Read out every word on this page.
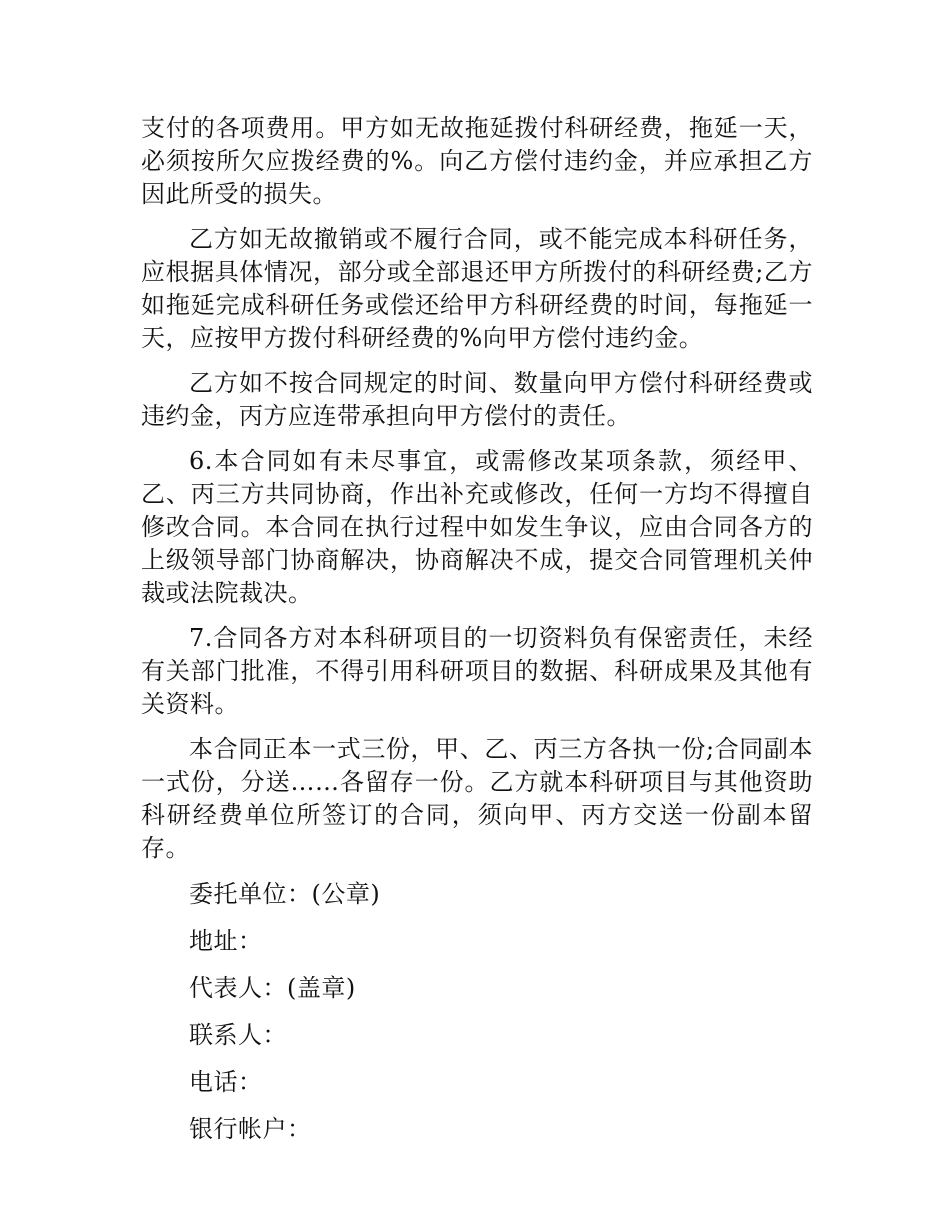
支付的各项费用。甲方如无故拖延拨付科研经费，拖延一天，必须按所欠应拨经费的%。向乙方偿付违约金，并应承担乙方因此所受的损失。

乙方如无故撤销或不履行合同，或不能完成本科研任务，应根据具体情况，部分或全部退还甲方所拨付的科研经费;乙方如拖延完成科研任务或偿还给甲方科研经费的时间，每拖延一天，应按甲方拨付科研经费的%向甲方偿付违约金。

乙方如不按合同规定的时间、数量向甲方偿付科研经费或违约金，丙方应连带承担向甲方偿付的责任。

6.本合同如有未尽事宜，或需修改某项条款，须经甲、乙、丙三方共同协商，作出补充或修改，任何一方均不得擅自修改合同。本合同在执行过程中如发生争议，应由合同各方的上级领导部门协商解决，协商解决不成，提交合同管理机关仲裁或法院裁决。

7.合同各方对本科研项目的一切资料负有保密责任，未经有关部门批准，不得引用科研项目的数据、科研成果及其他有关资料。

本合同正本一式三份，甲、乙、丙三方各执一份;合同副本一式份，分送……各留存一份。乙方就本科研项目与其他资助科研经费单位所签订的合同，须向甲、丙方交送一份副本留存。

委托单位：(公章)
地址：
代表人：(盖章)
联系人：
电话：
银行帐户：
